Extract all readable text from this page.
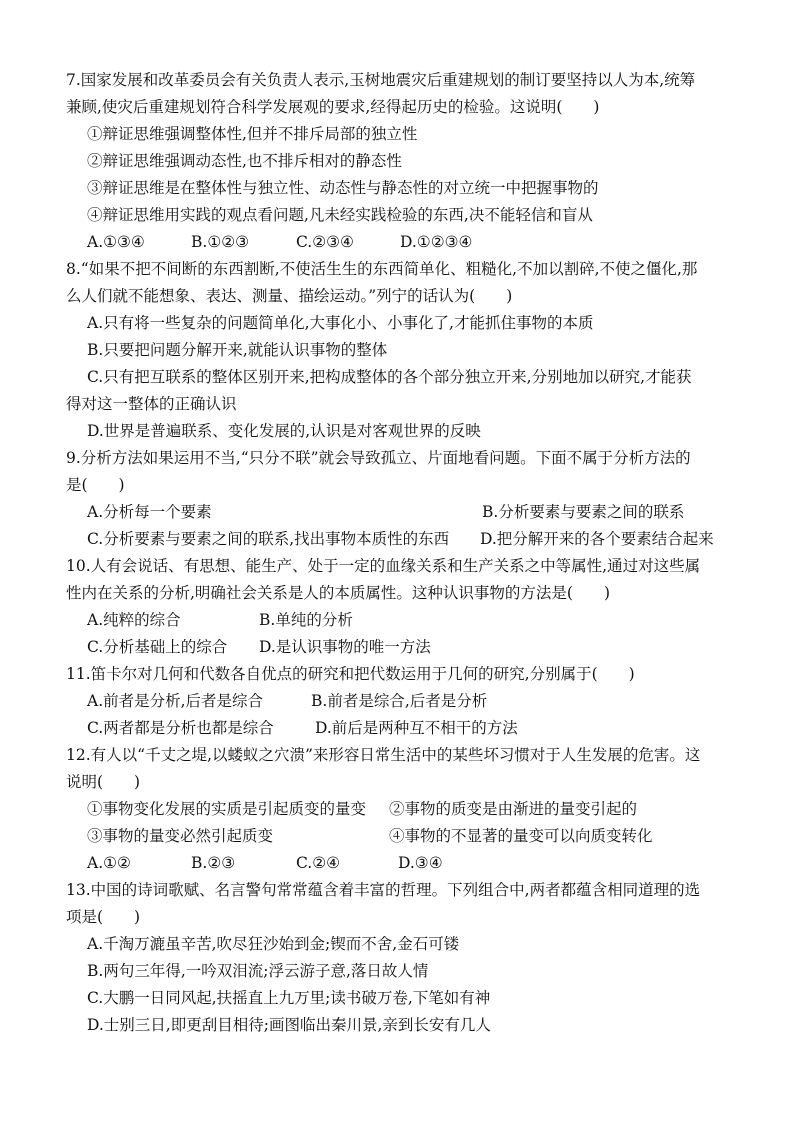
7.国家发展和改革委员会有关负责人表示,玉树地震灾后重建规划的制订要坚持以人为本,统筹
兼顾,使灾后重建规划符合科学发展观的要求,经得起历史的检验。这说明(　　)
①辩证思维强调整体性,但并不排斥局部的独立性
②辩证思维强调动态性,也不排斥相对的静态性
③辩证思维是在整体性与独立性、动态性与静态性的对立统一中把握事物的
④辩证思维用实践的观点看问题,凡未经实践检验的东西,决不能轻信和盲从
A.①③④	B.①②③	C.②③④	D.①②③④
8.“如果不把不间断的东西割断,不使活生生的东西简单化、粗糙化,不加以割碎,不使之僵化,那
么人们就不能想象、表达、测量、描绘运动。”列宁的话认为(　　)
A.只有将一些复杂的问题简单化,大事化小、小事化了,才能抓住事物的本质
B.只要把问题分解开来,就能认识事物的整体
C.只有把互联系的整体区别开来,把构成整体的各个部分独立开来,分别地加以研究,才能获
得对这一整体的正确认识
D.世界是普遍联系、变化发展的,认识是对客观世界的反映
9.分析方法如果运用不当,“只分不联”就会导致孤立、片面地看问题。下面不属于分析方法的
是(　　)
A.分析每一个要素	B.分析要素与要素之间的联系
C.分析要素与要素之间的联系,找出事物本质性的东西 D.把分解开来的各个要素结合起来
10.人有会说话、有思想、能生产、处于一定的血缘关系和生产关系之中等属性,通过对这些属
性内在关系的分析,明确社会关系是人的本质属性。这种认识事物的方法是(　　)
A.纯粹的综合	B.单纯的分析
C.分析基础上的综合 D.是认识事物的唯一方法
11.笛卡尔对几何和代数各自优点的研究和把代数运用于几何的研究,分别属于(　　)
A.前者是分析,后者是综合	B.前者是综合,后者是分析
C.两者都是分析也都是综合	D.前后是两种互不相干的方法
12.有人以“千丈之堤,以蝼蚁之穴溃”来形容日常生活中的某些坏习惯对于人生发展的危害。这
说明(　　)
①事物变化发展的实质是引起质变的量变 ②事物的质变是由渐进的量变引起的
③事物的量变必然引起质变	④事物的不显著的量变可以向质变转化
A.①②	B.②③	C.②④	D.③④
13.中国的诗词歌赋、名言警句常常蕴含着丰富的哲理。下列组合中,两者都蕴含相同道理的选
项是(　　)
A.千淘万漉虽辛苦,吹尽狂沙始到金;锲而不舍,金石可镂
B.两句三年得,一吟双泪流;浮云游子意,落日故人情
C.大鹏一日同风起,扶摇直上九万里;读书破万卷,下笔如有神
D.士别三日,即更刮目相待;画图临出秦川景,亲到长安有几人
